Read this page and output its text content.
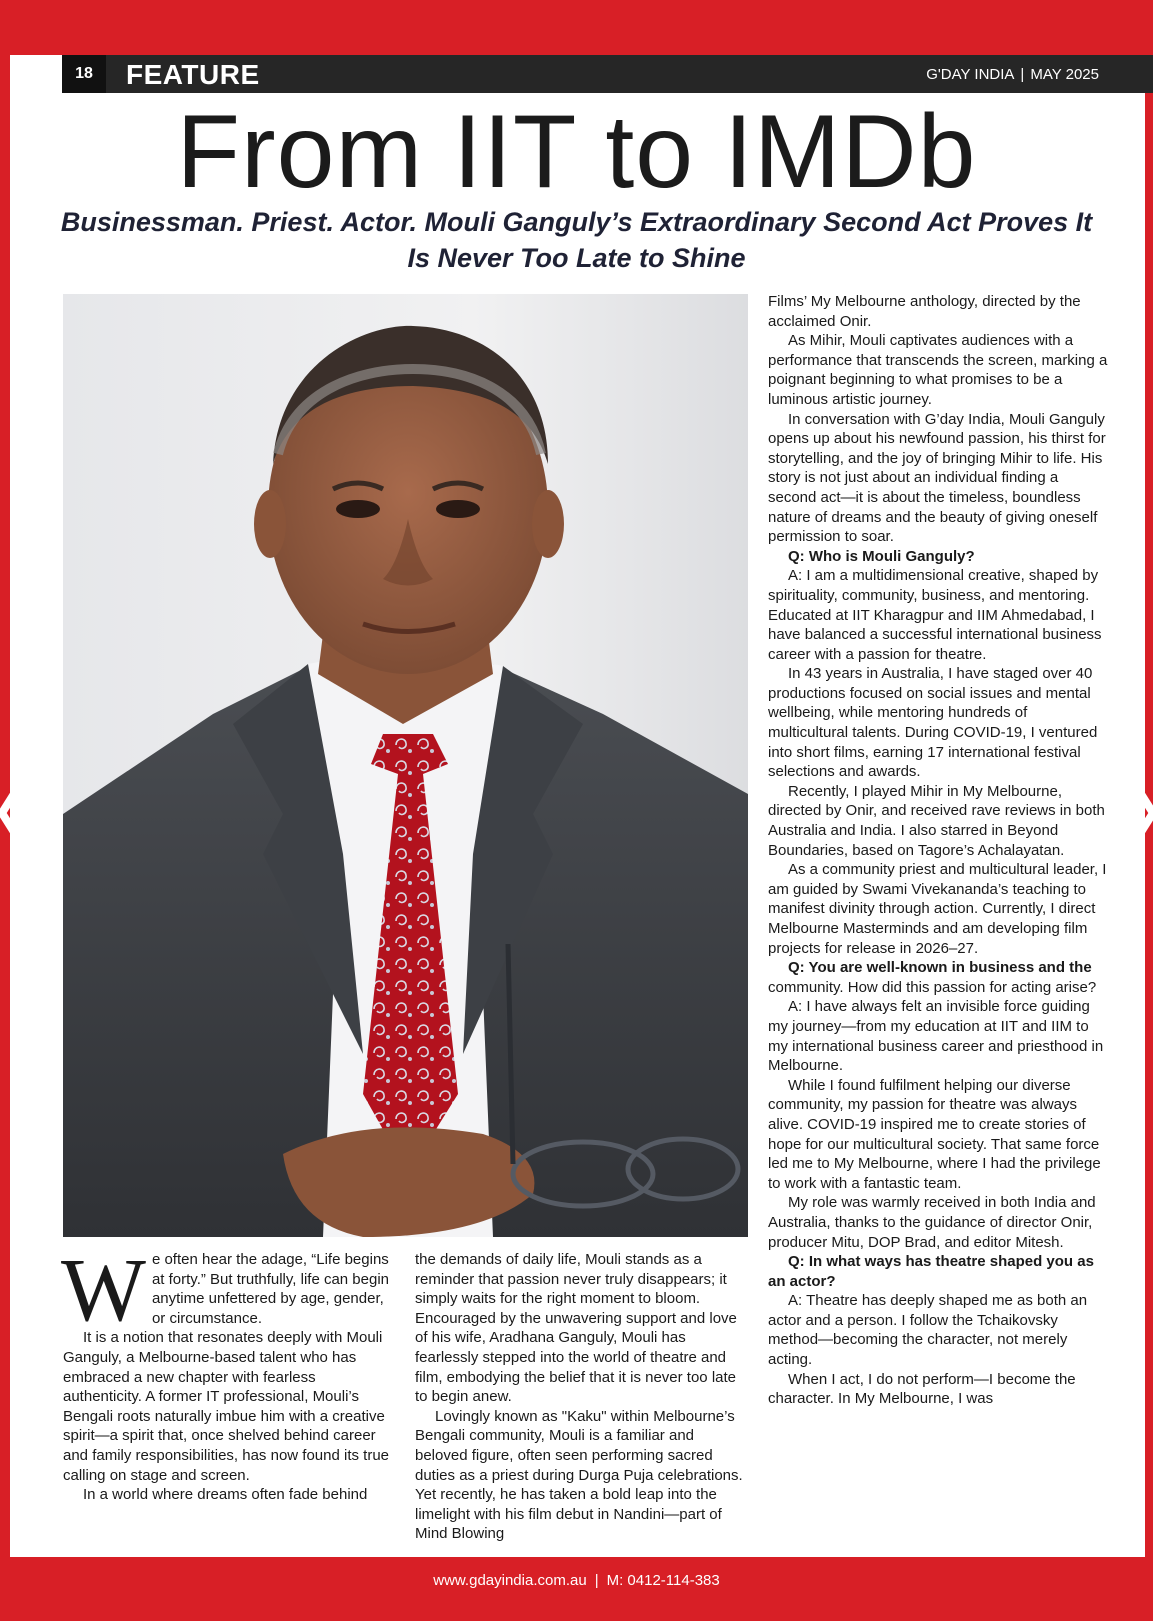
18	FEATURE	G'DAY INDIA | MAY 2025
From IIT to IMDb
Businessman. Priest. Actor. Mouli Ganguly’s Extraordinary Second Act Proves It Is Never Too Late to Shine

We often hear the adage, “Life begins at forty.” But truthfully, life can begin anytime unfettered by age, gender, or circumstance.

It is a notion that resonates deeply with Mouli Ganguly, a Melbourne-based talent who has embraced a new chapter with fearless authenticity. A former IT professional, Mouli’s Bengali roots naturally imbue him with a creative spirit—a spirit that, once shelved behind career and family responsibilities, has now found its true calling on stage and screen.

In a world where dreams often fade behind

the demands of daily life, Mouli stands as a reminder that passion never truly disappears; it simply waits for the right moment to bloom. Encouraged by the unwavering support and love of his wife, Aradhana Ganguly, Mouli has fearlessly stepped into the world of theatre and film, embodying the belief that it is never too late to begin anew.

Lovingly known as "Kaku" within Melbourne’s Bengali community, Mouli is a familiar and beloved figure, often seen performing sacred duties as a priest during Durga Puja celebrations. Yet recently, he has taken a bold leap into the limelight with his film debut in Nandini—part of Mind Blowing

Films’ My Melbourne anthology, directed by the acclaimed Onir.

As Mihir, Mouli captivates audiences with a performance that transcends the screen, marking a poignant beginning to what promises to be a luminous artistic journey.

In conversation with G’day India, Mouli Ganguly opens up about his newfound passion, his thirst for storytelling, and the joy of bringing Mihir to life. His story is not just about an individual finding a second act—it is about the timeless, boundless nature of dreams and the beauty of giving oneself permission to soar.

Q: Who is Mouli Ganguly?

A: I am a multidimensional creative, shaped by spirituality, community, business, and mentoring. Educated at IIT Kharagpur and IIM Ahmedabad, I have balanced a successful international business career with a passion for theatre.

In 43 years in Australia, I have staged over 40 productions focused on social issues and mental wellbeing, while mentoring hundreds of multicultural talents. During COVID-19, I ventured into short films, earning 17 international festival selections and awards.

Recently, I played Mihir in My Melbourne, directed by Onir, and received rave reviews in both Australia and India. I also starred in Beyond Boundaries, based on Tagore’s Achalayatan.

As a community priest and multicultural leader, I am guided by Swami Vivekananda’s teaching to manifest divinity through action. Currently, I direct Melbourne Masterminds and am developing film projects for release in 2026–27.

Q: You are well-known in business and the community. How did this passion for acting arise?

A: I have always felt an invisible force guiding my journey—from my education at IIT and IIM to my international business career and priesthood in Melbourne.

While I found fulfilment helping our diverse community, my passion for theatre was always alive. COVID-19 inspired me to create stories of hope for our multicultural society. That same force led me to My Melbourne, where I had the privilege to work with a fantastic team.

My role was warmly received in both India and Australia, thanks to the guidance of director Onir, producer Mitu, DOP Brad, and editor Mitesh.

Q: In what ways has theatre shaped you as an actor?

A: Theatre has deeply shaped me as both an actor and a person. I follow the Tchaikovsky method—becoming the character, not merely acting.

When I act, I do not perform—I become the character. In My Melbourne, I was

www.gdayindia.com.au | M: 0412-114-383
